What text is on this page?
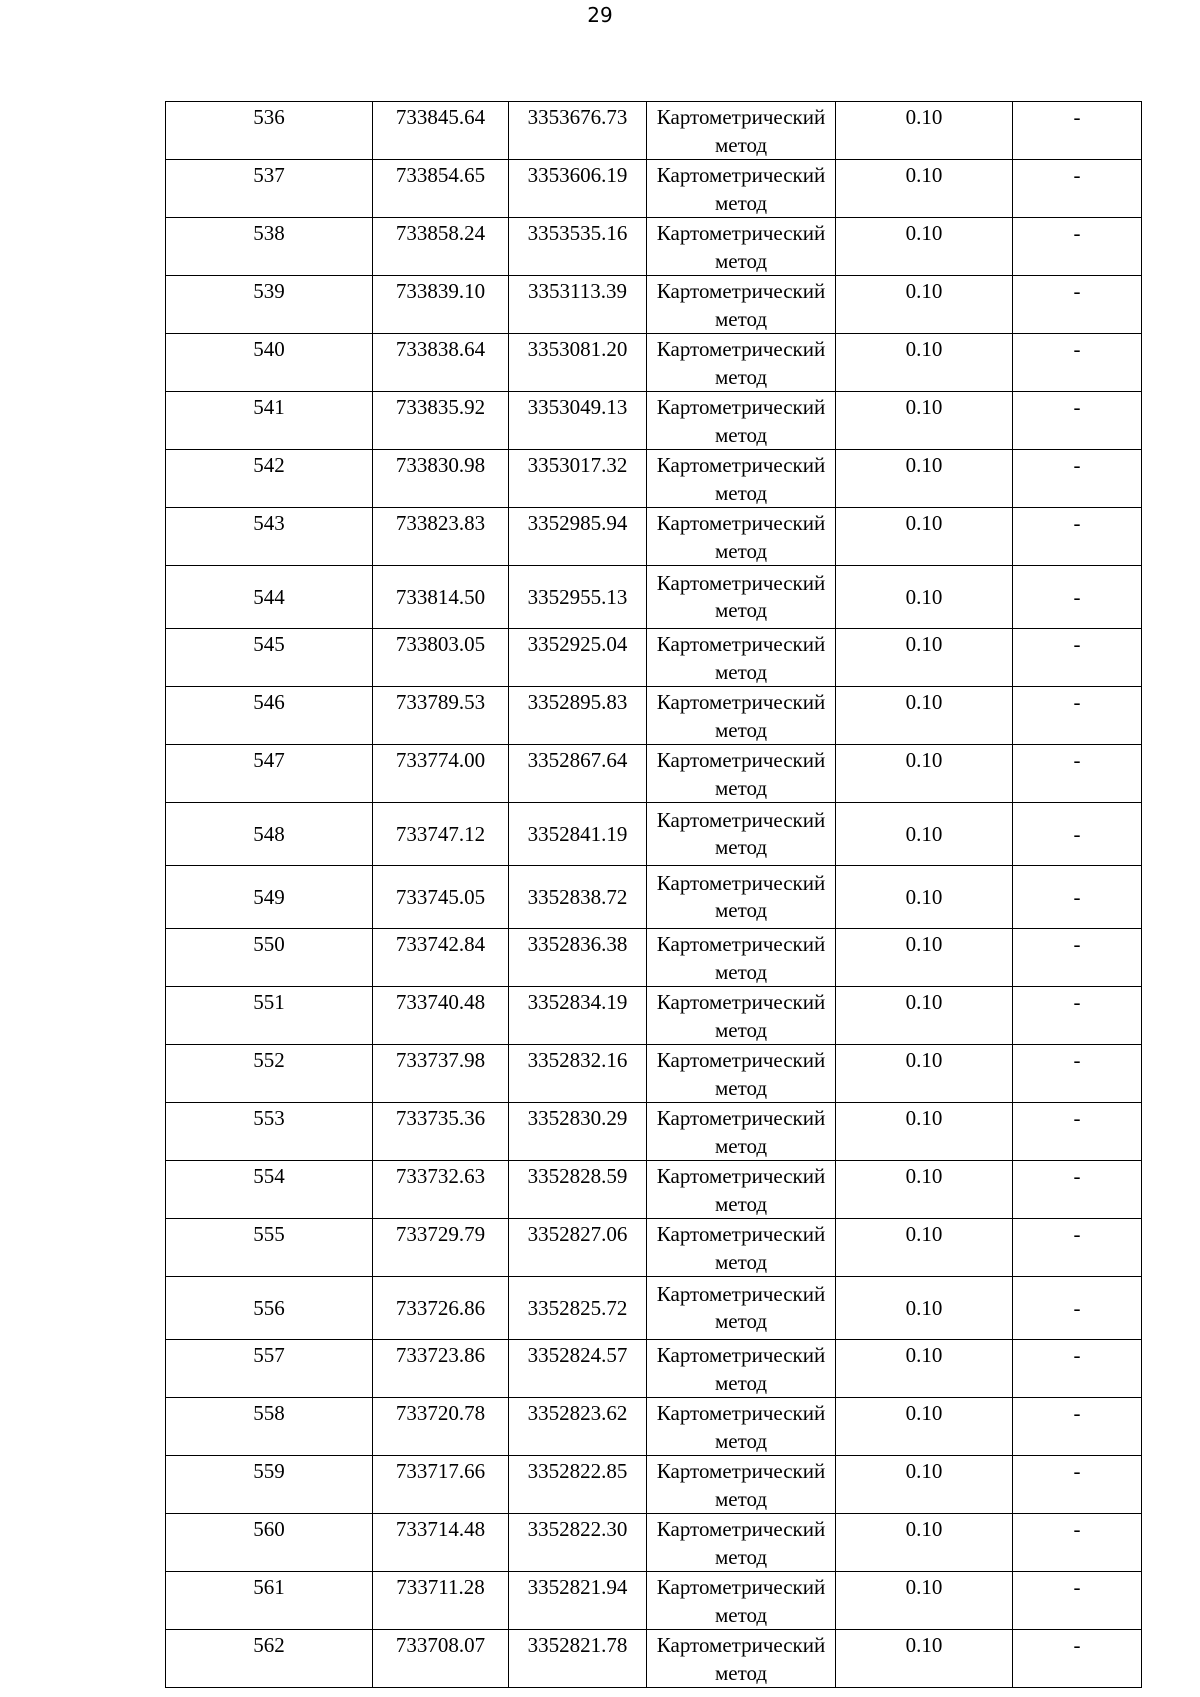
29
536	733845.64	3353676.73	Картометрический метод	0.10	-

537	733854.65	3353606.19	Картометрический метод	0.10	-

538	733858.24	3353535.16	Картометрический метод	0.10	-

539	733839.10	3353113.39	Картометрический метод	0.10	-

540	733838.64	3353081.20	Картометрический метод	0.10	-

541	733835.92	3353049.13	Картометрический метод	0.10	-

542	733830.98	3353017.32	Картометрический метод	0.10	-

543	733823.83	3352985.94	Картометрический метод	0.10	-

544	733814.50	3352955.13	Картометрический метод	0.10	-

545	733803.05	3352925.04	Картометрический метод	0.10	-

546	733789.53	3352895.83	Картометрический метод	0.10	-

547	733774.00	3352867.64	Картометрический метод	0.10	-

548	733747.12	3352841.19	Картометрический метод	0.10	-

549	733745.05	3352838.72	Картометрический метод	0.10	-

550	733742.84	3352836.38	Картометрический метод	0.10	-

551	733740.48	3352834.19	Картометрический метод	0.10	-

552	733737.98	3352832.16	Картометрический метод	0.10	-

553	733735.36	3352830.29	Картометрический метод	0.10	-

554	733732.63	3352828.59	Картометрический метод	0.10	-

555	733729.79	3352827.06	Картометрический метод	0.10	-

556	733726.86	3352825.72	Картометрический метод	0.10	-

557	733723.86	3352824.57	Картометрический метод	0.10	-

558	733720.78	3352823.62	Картометрический метод	0.10	-

559	733717.66	3352822.85	Картометрический метод	0.10	-

560	733714.48	3352822.30	Картометрический метод	0.10	-

561	733711.28	3352821.94	Картометрический метод	0.10	-

562	733708.07	3352821.78	Картометрический метод	0.10	-
